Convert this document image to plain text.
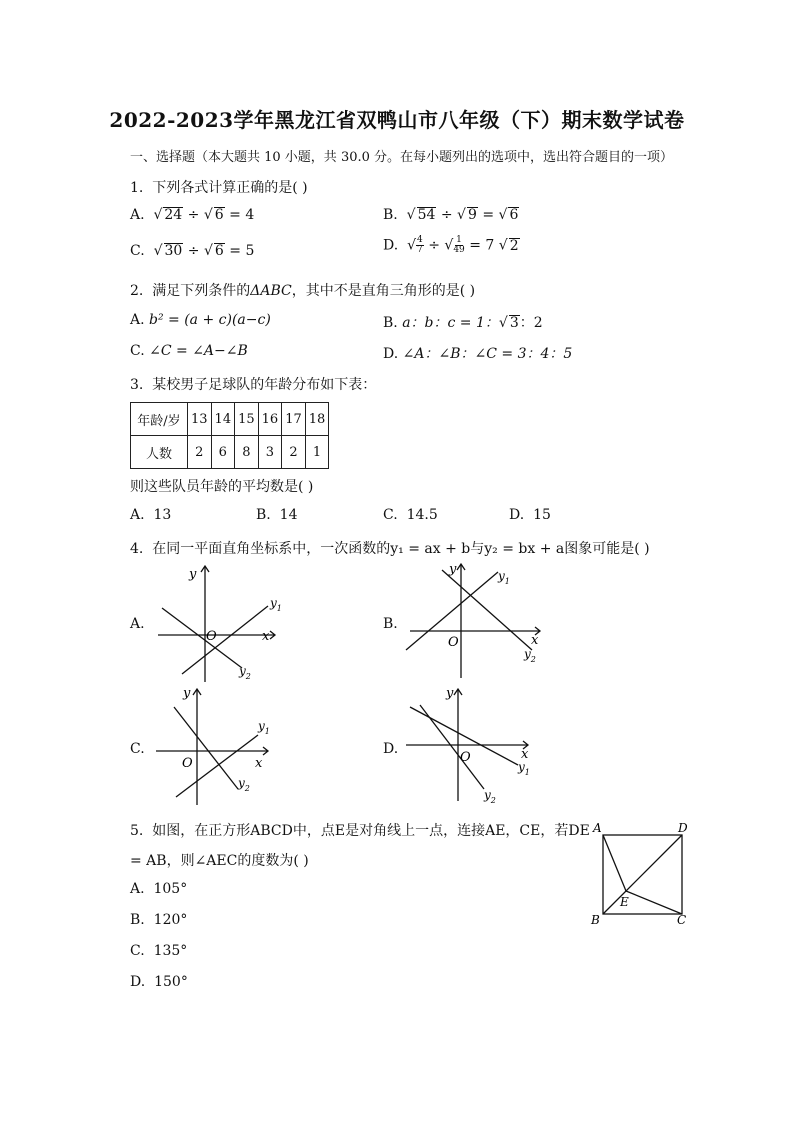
2022-2023学年黑龙江省双鸭山市八年级（下）期末数学试卷
一、选择题（本大题共 10 小题，共 30.0 分。在每小题列出的选项中，选出符合题目的一项）
1. 下列各式计算正确的是( )
A.  √ 24 ÷ √ 6 = 4	B.  √ 54 ÷ √ 9 = √ 6
C.  √ 30 ÷ √ 6 = 5	D.  √ $\frac{4}{7}$ ÷ √ $\frac{1}{49} = 7$ √ 2
2. 满足下列条件的ΔABC，其中不是直角三角形的是( )
A. b² = (a + c)(a−c)	B. a：b：c = 1：√ 3：2
C. ∠C = ∠A−∠B	D. ∠A：∠B：∠C = 3：4：5
3. 某校男子足球队的年龄分布如下表：
年龄/岁	13	14	15	16	17	18
人数	2	6	8	3	2	1
则这些队员年龄的平均数是( )
A. 13	B. 14	C. 14.5	D. 15
4. 在同一平面直角坐标系中，一次函数的y₁ = ax + b与y₂ = bx + a图象可能是( )
A.	B.
C.	D.
y
x
O
$y_1$
$y_2$
y
x
O
$y_1$
$y_2$
y
x
O
$y_1$
$y_2$
y
x
O
$y_1$
$y_2$
5. 如图，在正方形ABCD中，点E是对角线上一点，连接AE，CE，若DE
= AB，则∠AEC的度数为( )
A. 105°
B. 120°
C. 135°
D. 150°
A	D
B	C
E
